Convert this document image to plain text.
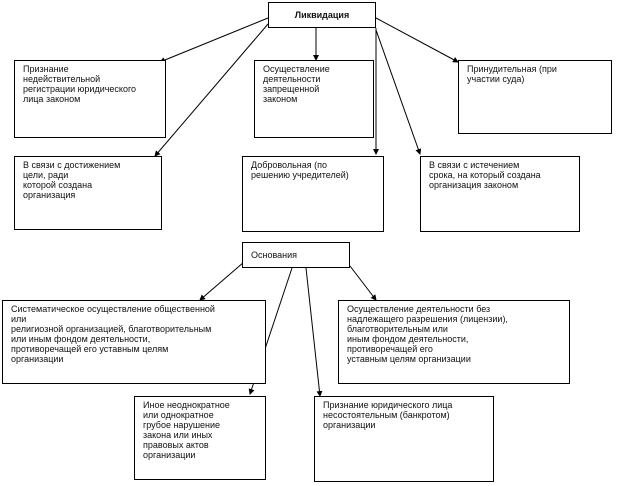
Ликвидация
Признание
недействительной
регистрации юридического
лица законом
Осуществление
деятельности
запрещенной
законом
Принудительная (при
участии суда)
В связи с достижением
цели, ради
которой создана
организация
Добровольная (по
решению учредителей)
В связи с истечением
срока, на который создана
организация законом
Основания
Систематическое осуществление общественной
или
религиозной организацией, благотворительным
или иным фондом деятельности,
противоречащей его уставным целям
организации
Осуществление деятельности без
надлежащего разрешения (лицензии),
благотворительным или
иным фондом деятельности,
противоречащей его
уставным целям организации
Иное неоднократное
или однократное
грубое нарушение
закона или иных
правовых актов
организации
Признание юридического лица
несостоятельным (банкротом)
организации
